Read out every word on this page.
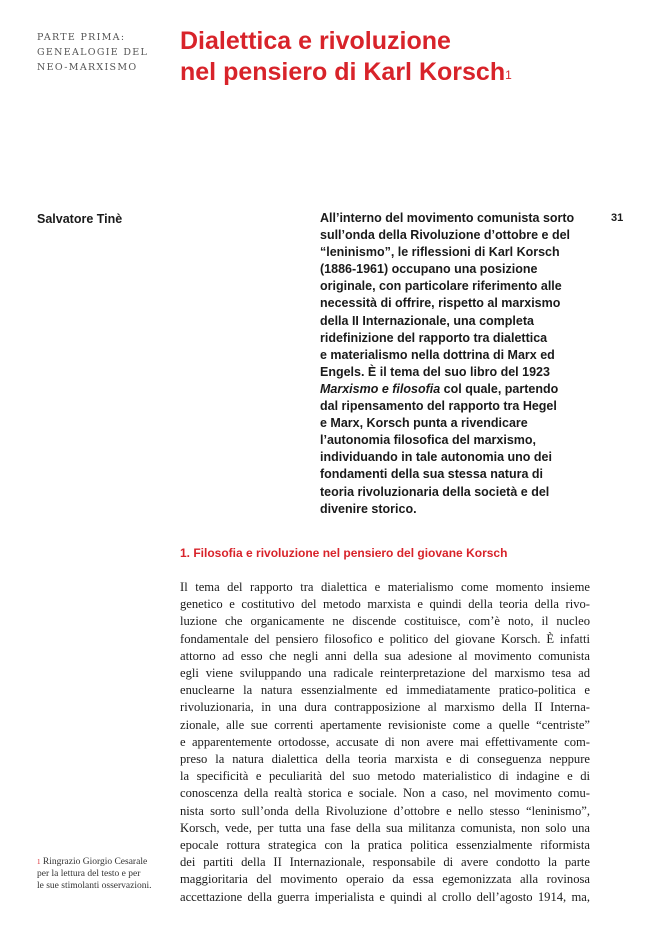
PARTE PRIMA:
GENEALOGIE DEL
NEO-MARXISMO
Dialettica e rivoluzione
nel pensiero di Karl Korsch$^1$
Salvatore Tinè	31
All’interno del movimento comunista sorto
sull’onda della Rivoluzione d’ottobre e del
“leninismo”, le riflessioni di Karl Korsch
(1886-1961) occupano una posizione
originale, con particolare riferimento alle
necessità di offrire, rispetto al marxismo
della II Internazionale, una completa
ridefinizione del rapporto tra dialettica
e materialismo nella dottrina di Marx ed
Engels. È il tema del suo libro del 1923
Marxismo e filosofia col quale, partendo
dal ripensamento del rapporto tra Hegel
e Marx, Korsch punta a rivendicare
l’autonomia filosofica del marxismo,
individuando in tale autonomia uno dei
fondamenti della sua stessa natura di
teoria rivoluzionaria della società e del
divenire storico.
1. Filosofia e rivoluzione nel pensiero del giovane Korsch
Il tema del rapporto tra dialettica e materialismo come momento insieme
genetico e costitutivo del metodo marxista e quindi della teoria della rivo-
luzione che organicamente ne discende costituisce, com’è noto, il nucleo
fondamentale del pensiero filosofico e politico del giovane Korsch. È infatti
attorno ad esso che negli anni della sua adesione al movimento comunista
egli viene sviluppando una radicale reinterpretazione del marxismo tesa ad
enuclearne la natura essenzialmente ed immediatamente pratico-politica e
rivoluzionaria, in una dura contrapposizione al marxismo della II Interna-
zionale, alle sue correnti apertamente revisioniste come a quelle “centriste”
e apparentemente ortodosse, accusate di non avere mai effettivamente com-
preso la natura dialettica della teoria marxista e di conseguenza neppure
la specificità e peculiarità del suo metodo materialistico di indagine e di
conoscenza della realtà storica e sociale. Non a caso, nel movimento comu-
nista sorto sull’onda della Rivoluzione d’ottobre e nello stesso “leninismo”,
Korsch, vede, per tutta una fase della sua militanza comunista, non solo una
epocale rottura strategica con la pratica politica essenzialmente riformista
dei partiti della II Internazionale, responsabile di avere condotto la parte
maggioritaria del movimento operaio da essa egemonizzata alla rovinosa
accettazione della guerra imperialista e quindi al crollo dell’agosto 1914, ma,
$^1$ Ringrazio Giorgio Cesarale
per la lettura del testo e per
le sue stimolanti osservazioni.
